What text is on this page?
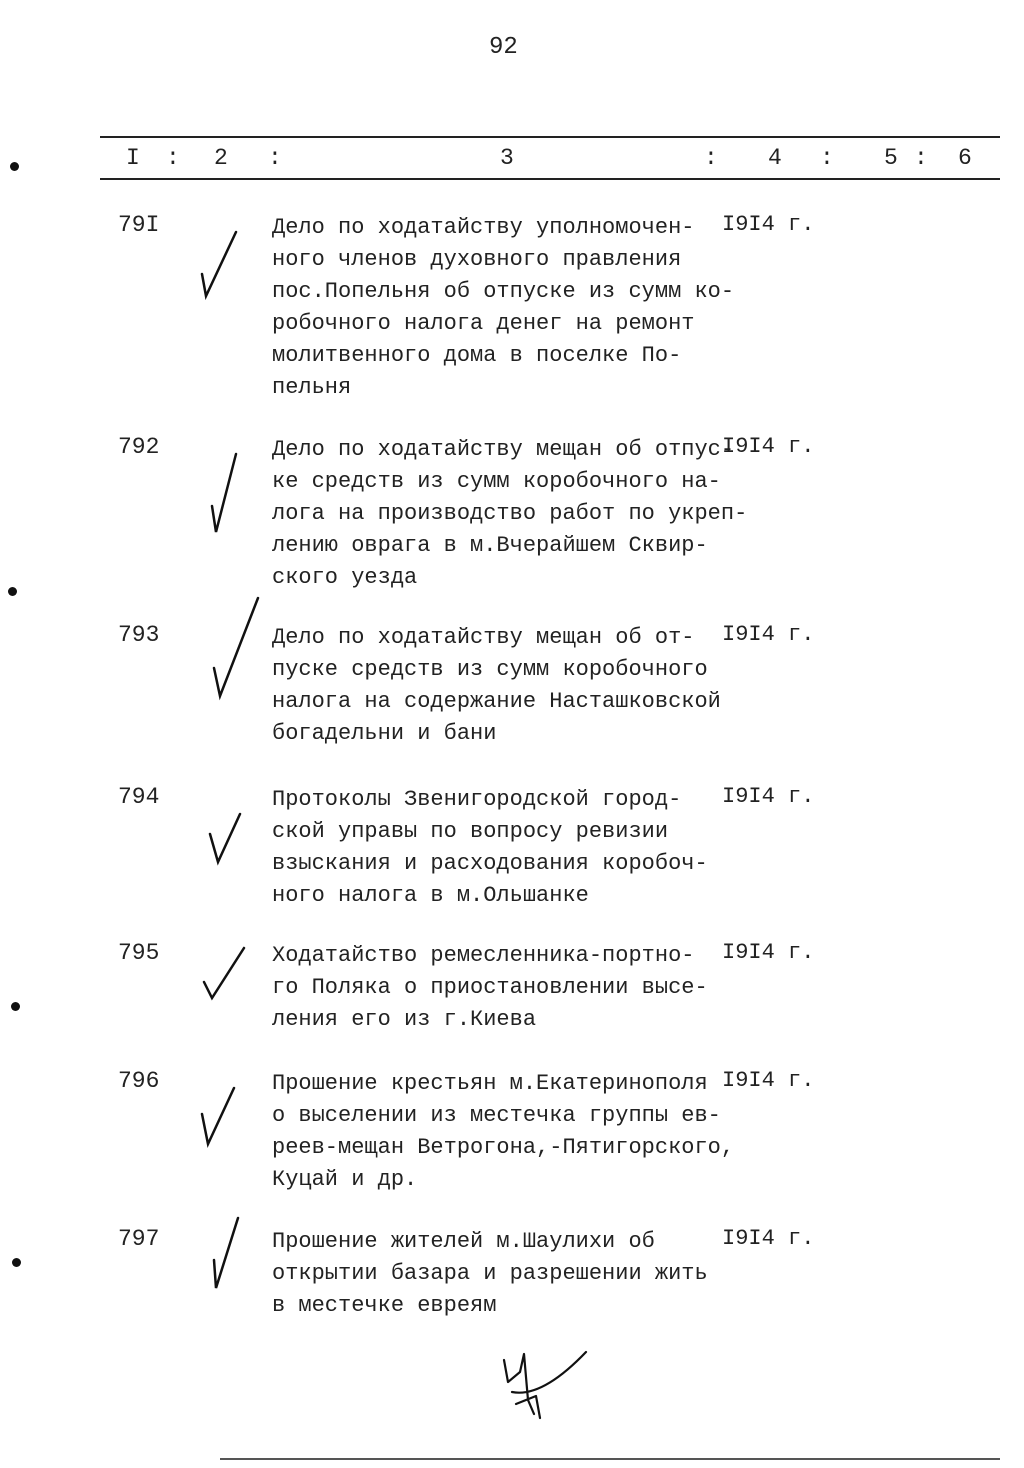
92
I : 2 :	3	: 4 : 5 : 6
79I	Дело по ходатайству уполномочен-
ного членов духовного правления
пос.Попельня об отпуске из сумм ко-
робочного налога денег на ремонт
молитвенного дома в поселке По-
пельня
I9I4 г.
792	Дело по ходатайству мещан об отпус-
ке средств из сумм коробочного на-
лога на производство работ по укреп-
лению оврага в м.Вчерайшем Сквир-
ского уезда
I9I4 г.
793	Дело по ходатайству мещан об от-
пуске средств из сумм коробочного
налога на содержание Насташковской
богадельни и бани
I9I4 г.
794	Протоколы Звенигородской город-
ской управы по вопросу ревизии
взыскания и расходования коробоч-
ного налога в м.Ольшанке
I9I4 г.
795	Ходатайство ремесленника-портно-
го Поляка о приостановлении высе-
ления его из г.Киева
I9I4 г.
796	Прошение крестьян м.Екатеринополя
о выселении из местечка группы ев-
реев-мещан Ветрогона,-Пятигорского,
Куцай и др.
I9I4 г.
797	Прошение жителей м.Шаулихи об
открытии базара и разрешении жить
в местечке евреям
I9I4 г.
